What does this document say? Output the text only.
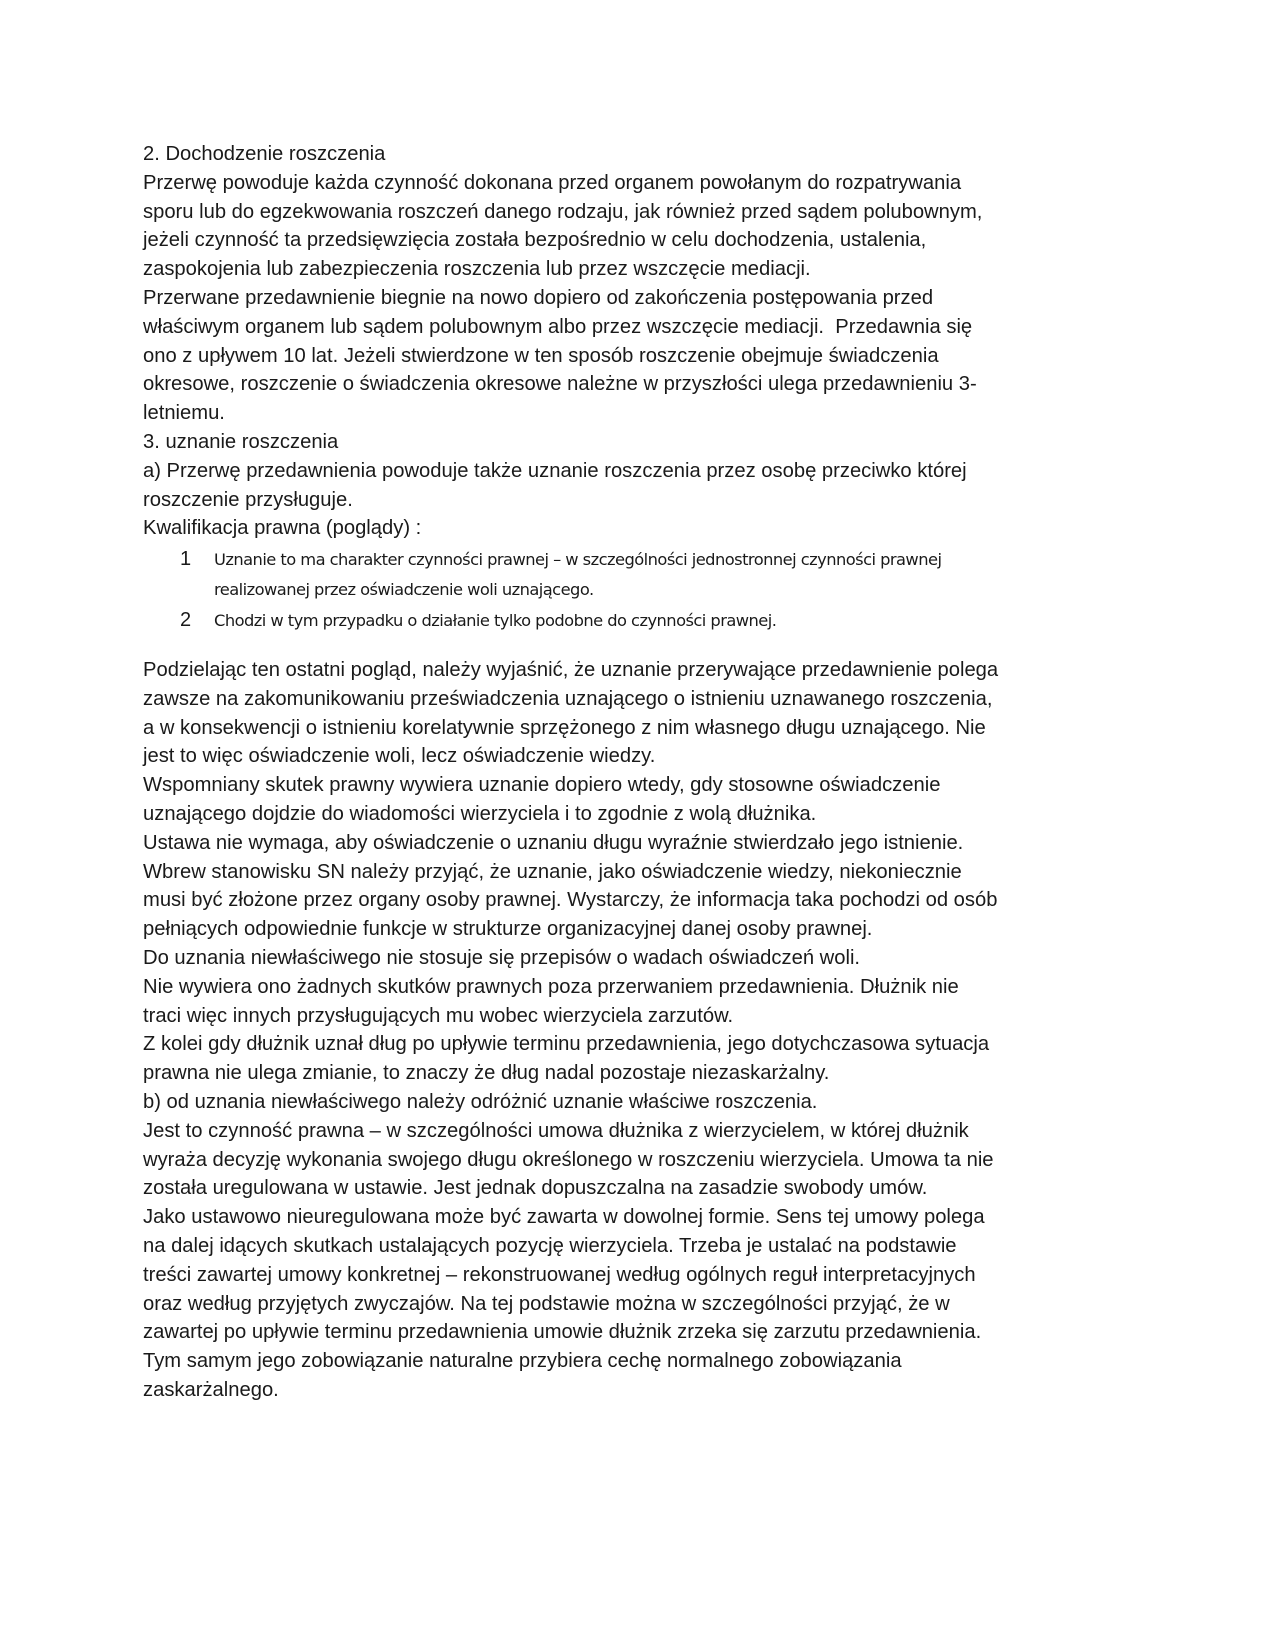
2. Dochodzenie roszczenia
Przerwę powoduje każda czynność dokonana przed organem powołanym do rozpatrywania
sporu lub do egzekwowania roszczeń danego rodzaju, jak również przed sądem polubownym,
jeżeli czynność ta przedsięwzięcia została bezpośrednio w celu dochodzenia, ustalenia,
zaspokojenia lub zabezpieczenia roszczenia lub przez wszczęcie mediacji.
Przerwane przedawnienie biegnie na nowo dopiero od zakończenia postępowania przed
właściwym organem lub sądem polubownym albo przez wszczęcie mediacji.  Przedawnia się
ono z upływem 10 lat. Jeżeli stwierdzone w ten sposób roszczenie obejmuje świadczenia
okresowe, roszczenie o świadczenia okresowe należne w przyszłości ulega przedawnieniu 3-
letniemu.
3. uznanie roszczenia
a) Przerwę przedawnienia powoduje także uznanie roszczenia przez osobę przeciwko której
roszczenie przysługuje.
Kwalifikacja prawna (poglądy) :
1 Uznanie to ma charakter czynności prawnej – w szczególności jednostronnej czynności prawnej
realizowanej przez oświadczenie woli uznającego.
2 Chodzi w tym przypadku o działanie tylko podobne do czynności prawnej.
Podzielając ten ostatni pogląd, należy wyjaśnić, że uznanie przerywające przedawnienie polega
zawsze na zakomunikowaniu przeświadczenia uznającego o istnieniu uznawanego roszczenia,
a w konsekwencji o istnieniu korelatywnie sprzężonego z nim własnego długu uznającego. Nie
jest to więc oświadczenie woli, lecz oświadczenie wiedzy.
Wspomniany skutek prawny wywiera uznanie dopiero wtedy, gdy stosowne oświadczenie
uznającego dojdzie do wiadomości wierzyciela i to zgodnie z wolą dłużnika.
Ustawa nie wymaga, aby oświadczenie o uznaniu długu wyraźnie stwierdzało jego istnienie.
Wbrew stanowisku SN należy przyjąć, że uznanie, jako oświadczenie wiedzy, niekoniecznie
musi być złożone przez organy osoby prawnej. Wystarczy, że informacja taka pochodzi od osób
pełniących odpowiednie funkcje w strukturze organizacyjnej danej osoby prawnej.
Do uznania niewłaściwego nie stosuje się przepisów o wadach oświadczeń woli.
Nie wywiera ono żadnych skutków prawnych poza przerwaniem przedawnienia. Dłużnik nie
traci więc innych przysługujących mu wobec wierzyciela zarzutów.
Z kolei gdy dłużnik uznał dług po upływie terminu przedawnienia, jego dotychczasowa sytuacja
prawna nie ulega zmianie, to znaczy że dług nadal pozostaje niezaskarżalny.
b) od uznania niewłaściwego należy odróżnić uznanie właściwe roszczenia.
Jest to czynność prawna – w szczególności umowa dłużnika z wierzycielem, w której dłużnik
wyraża decyzję wykonania swojego długu określonego w roszczeniu wierzyciela. Umowa ta nie
została uregulowana w ustawie. Jest jednak dopuszczalna na zasadzie swobody umów.
Jako ustawowo nieuregulowana może być zawarta w dowolnej formie. Sens tej umowy polega
na dalej idących skutkach ustalających pozycję wierzyciela. Trzeba je ustalać na podstawie
treści zawartej umowy konkretnej – rekonstruowanej według ogólnych reguł interpretacyjnych
oraz według przyjętych zwyczajów. Na tej podstawie można w szczególności przyjąć, że w
zawartej po upływie terminu przedawnienia umowie dłużnik zrzeka się zarzutu przedawnienia.
Tym samym jego zobowiązanie naturalne przybiera cechę normalnego zobowiązania
zaskarżalnego.
